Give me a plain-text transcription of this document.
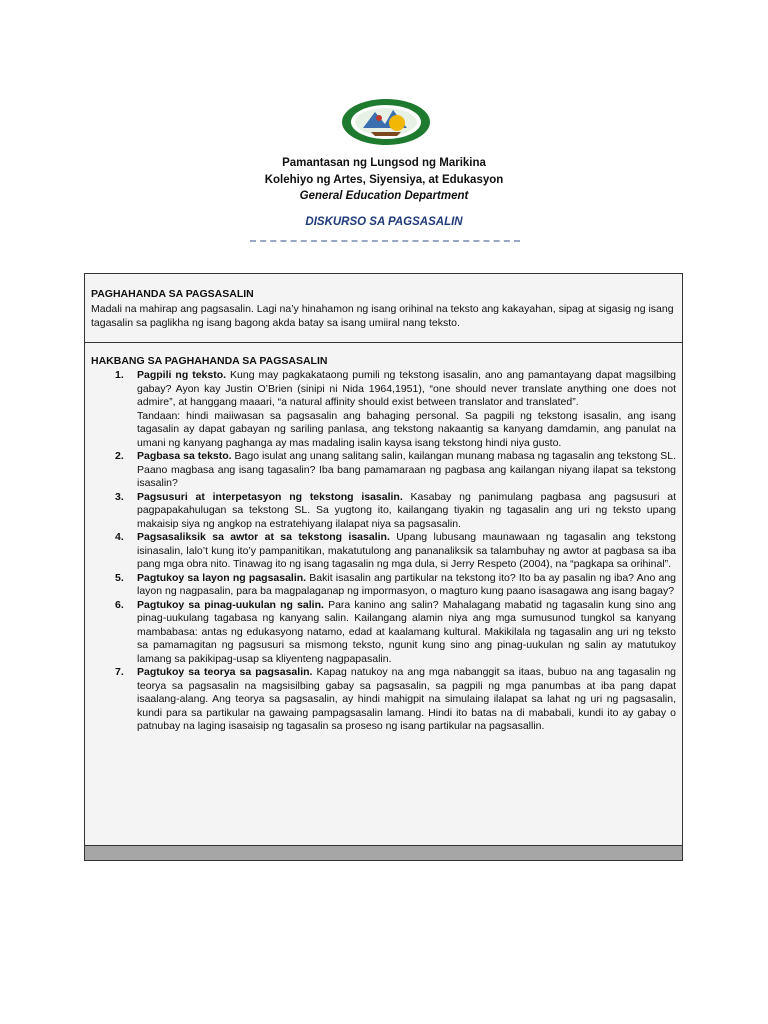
Pamantasan ng Lungsod ng Marikina
Kolehiyo ng Artes, Siyensiya, at Edukasyon
General Education Department
DISKURSO SA PAGSASALIN
PAGHAHANDA SA PAGSASALIN
Madali na mahirap ang pagsasalin. Lagi na’y hinahamon ng isang orihinal na teksto ang kakayahan, sipag at sigasig ng isang tagasalin sa paglikha ng isang bagong akda batay sa isang umiiral nang teksto.
HAKBANG SA PAGHAHANDA SA PAGSASALIN
1. Pagpili ng teksto. Kung may pagkakataong pumili ng tekstong isasalin, ano ang pamantayang dapat magsilbing gabay? Ayon kay Justin O’Brien (sinipi ni Nida 1964,1951), “one should never translate anything one does not admire”, at hanggang maaari, “a natural affinity should exist between translator and translated”.
Tandaan: hindi maiiwasan sa pagsasalin ang bahaging personal. Sa pagpili ng tekstong isasalin, ang isang tagasalin ay dapat gabayan ng sariling panlasa, ang tekstong nakaantig sa kanyang damdamin, ang panulat na umani ng kanyang paghanga ay mas madaling isalin kaysa isang tekstong hindi niya gusto.
2. Pagbasa sa teksto. Bago isulat ang unang salitang salin, kailangan munang mabasa ng tagasalin ang tekstong SL. Paano magbasa ang isang tagasalin? Iba bang pamamaraan ng pagbasa ang kailangan niyang ilapat sa tekstong isasalin?
3. Pagsusuri at interpetasyon ng tekstong isasalin. Kasabay ng panimulang pagbasa ang pagsusuri at pagpapakahulugan sa tekstong SL. Sa yugtong ito, kailangang tiyakin ng tagasalin ang uri ng teksto upang makaisip siya ng angkop na estratehiyang ilalapat niya sa pagsasalin.
4. Pagsasaliksik sa awtor at sa tekstong isasalin. Upang lubusang maunawaan ng tagasalin ang tekstong isinasalin, lalo’t kung ito’y pampanitikan, makatutulong ang pananaliksik sa talambuhay ng awtor at pagbasa sa iba pang mga obra nito. Tinawag ito ng isang tagasalin ng mga dula, si Jerry Respeto (2004), na “pagkapa sa orihinal”.
5. Pagtukoy sa layon ng pagsasalin. Bakit isasalin ang partikular na tekstong ito? Ito ba ay pasalin ng iba? Ano ang layon ng nagpasalin, para ba magpalaganap ng impormasyon, o magturo kung paano isasagawa ang isang bagay?
6. Pagtukoy sa pinag-uukulan ng salin. Para kanino ang salin? Mahalagang mabatid ng tagasalin kung sino ang pinag-uukulang tagabasa ng kanyang salin. Kailangang alamin niya ang mga sumusunod tungkol sa kanyang mambabasa: antas ng edukasyong natamo, edad at kaalamang kultural. Makikilala ng tagasalin ang uri ng teksto sa pamamagitan ng pagsusuri sa mismong teksto, ngunit kung sino ang pinag-uukulan ng salin ay matutukoy lamang sa pakikipag-usap sa kliyenteng nagpapasalin.
7. Pagtukoy sa teorya sa pagsasalin. Kapag natukoy na ang mga nabanggit sa itaas, bubuo na ang tagasalin ng teorya sa pagsasalin na magsisilbing gabay sa pagsasalin, sa pagpili ng mga panumbas at iba pang dapat isaalang-alang. Ang teorya sa pagsasalin, ay hindi mahigpit na simulaing ilalapat sa lahat ng uri ng pagsasalin, kundi para sa partikular na gawaing pampagsasalin lamang. Hindi ito batas na di mababali, kundi ito ay gabay o patnubay na laging isasaisip ng tagasalin sa proseso ng isang partikular na pagsasallin.
